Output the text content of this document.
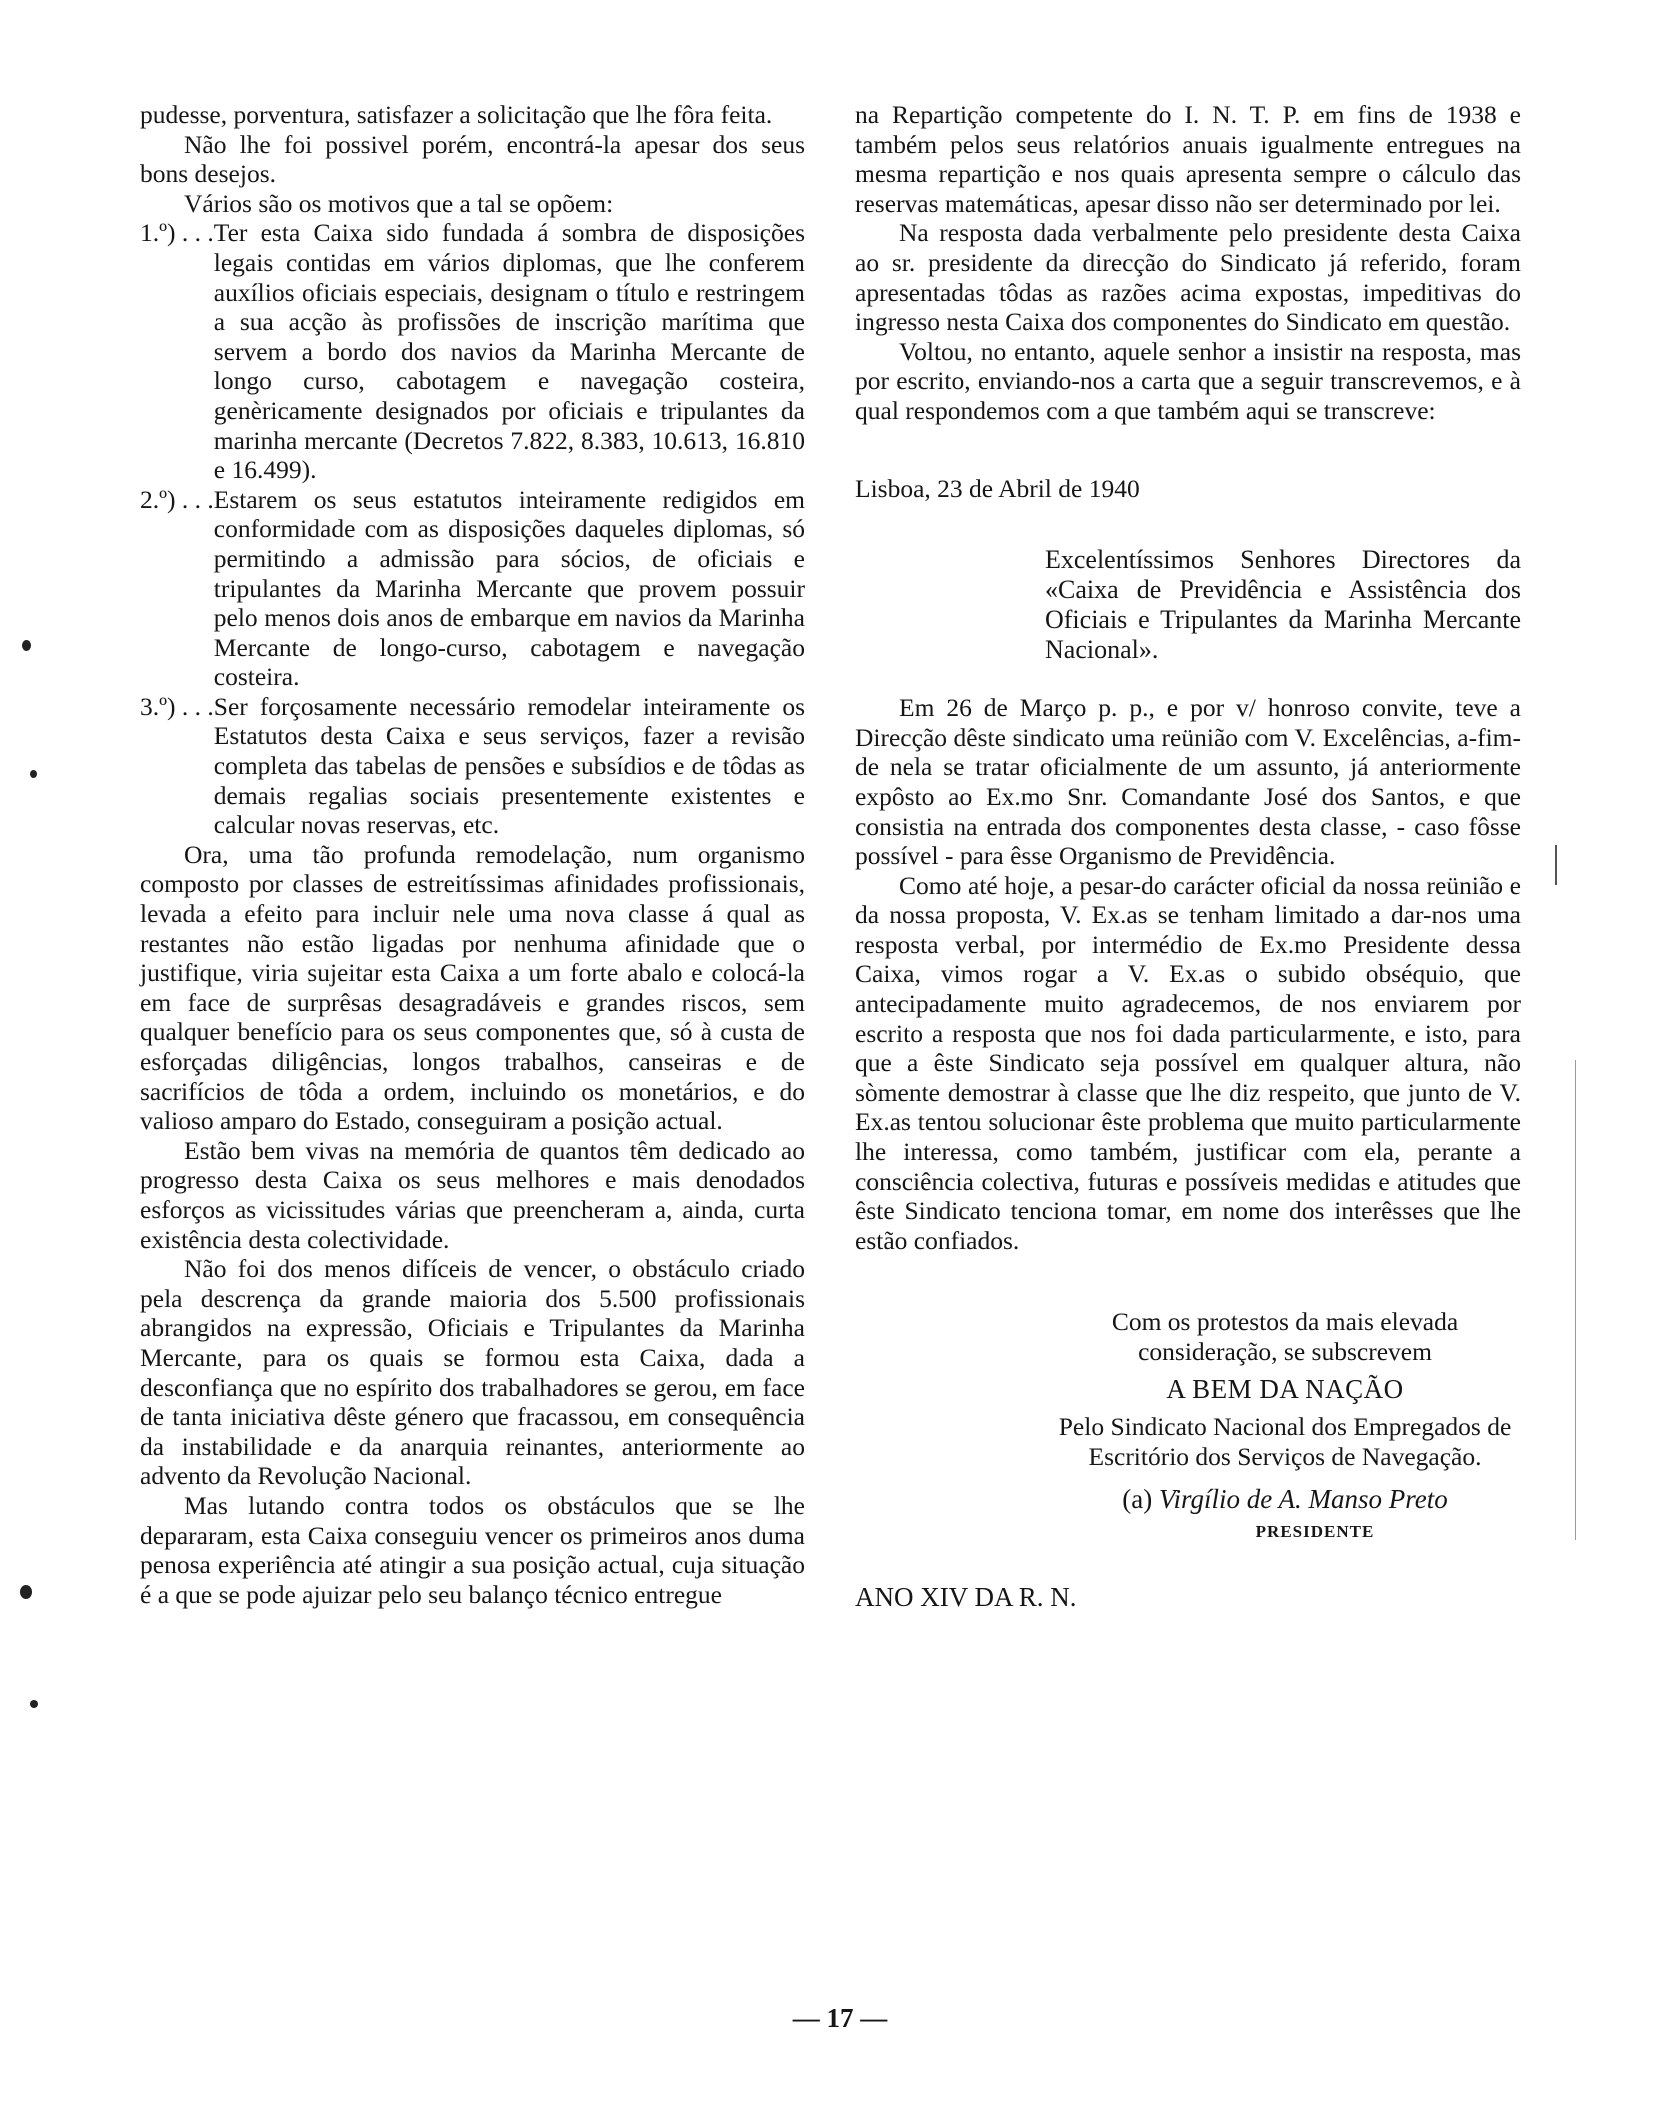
pudesse, porventura, satisfazer a solicitação que lhe fôra feita.

Não lhe foi possivel porém, encontrá-la apesar dos seus bons desejos.

Vários são os motivos que a tal se opõem:

1.º) . . . Ter esta Caixa sido fundada á sombra de disposições legais contidas em vários diplomas, que lhe conferem auxílios oficiais especiais, designam o título e restringem a sua acção às profissões de inscrição marítima que servem a bordo dos navios da Marinha Mercante de longo curso, cabotagem e navegação costeira, genèricamente designados por oficiais e tripulantes da marinha mercante (Decretos 7.822, 8.383, 10.613, 16.810 e 16.499).
2.º) . . . Estarem os seus estatutos inteiramente redigidos em conformidade com as disposições daqueles diplomas, só permitindo a admissão para sócios, de oficiais e tripulantes da Marinha Mercante que provem possuir pelo menos dois anos de embarque em navios da Marinha Mercante de longo-curso, cabotagem e navegação costeira.
3.º) . . . Ser forçosamente necessário remodelar inteiramente os Estatutos desta Caixa e seus serviços, fazer a revisão completa das tabelas de pensões e subsídios e de tôdas as demais regalias sociais presentemente existentes e calcular novas reservas, etc.

Ora, uma tão profunda remodelação, num organismo composto por classes de estreitíssimas afinidades profissionais, levada a efeito para incluir nele uma nova classe á qual as restantes não estão ligadas por nenhuma afinidade que o justifique, viria sujeitar esta Caixa a um forte abalo e colocá-la em face de surprêsas desagradáveis e grandes riscos, sem qualquer benefício para os seus componentes que, só à custa de esforçadas diligências, longos trabalhos, canseiras e de sacrifícios de tôda a ordem, incluindo os monetários, e do valioso amparo do Estado, conseguiram a posição actual.

Estão bem vivas na memória de quantos têm dedicado ao progresso desta Caixa os seus melhores e mais denodados esforços as vicissitudes várias que preencheram a, ainda, curta existência desta colectividade.

Não foi dos menos difíceis de vencer, o obstáculo criado pela descrença da grande maioria dos 5.500 profissionais abrangidos na expressão, Oficiais e Tripulantes da Marinha Mercante, para os quais se formou esta Caixa, dada a desconfiança que no espírito dos trabalhadores se gerou, em face de tanta iniciativa dêste género que fracassou, em consequência da instabilidade e da anarquia reinantes, anteriormente ao advento da Revolução Nacional.

Mas lutando contra todos os obstáculos que se lhe depararam, esta Caixa conseguiu vencer os primeiros anos duma penosa experiência até atingir a sua posição actual, cuja situação é a que se pode ajuizar pelo seu balanço técnico entregue

na Repartição competente do I. N. T. P. em fins de 1938 e também pelos seus relatórios anuais igualmente entregues na mesma repartição e nos quais apresenta sempre o cálculo das reservas matemáticas, apesar disso não ser determinado por lei.

Na resposta dada verbalmente pelo presidente desta Caixa ao sr. presidente da direcção do Sindicato já referido, foram apresentadas tôdas as razões acima expostas, impeditivas do ingresso nesta Caixa dos componentes do Sindicato em questão.

Voltou, no entanto, aquele senhor a insistir na resposta, mas por escrito, enviando-nos a carta que a seguir transcrevemos, e à qual respondemos com a que também aqui se transcreve:

Lisboa, 23 de Abril de 1940

Excelentíssimos Senhores Directores da «Caixa de Previdência e Assistência dos Oficiais e Tripulantes da Marinha Mercante Nacional».

Em 26 de Março p. p., e por v/ honroso convite, teve a Direcção dêste sindicato uma reünião com V. Excelências, a-fim-de nela se tratar oficialmente de um assunto, já anteriormente expôsto ao Ex.mo Snr. Comandante José dos Santos, e que consistia na entrada dos componentes desta classe, - caso fôsse possível - para êsse Organismo de Previdência.

Como até hoje, a pesar-do carácter oficial da nossa reünião e da nossa proposta, V. Ex.as se tenham limitado a dar-nos uma resposta verbal, por intermédio de Ex.mo Presidente dessa Caixa, vimos rogar a V. Ex.as o subido obséquio, que antecipadamente muito agradecemos, de nos enviarem por escrito a resposta que nos foi dada particularmente, e isto, para que a êste Sindicato seja possível em qualquer altura, não sòmente demostrar à classe que lhe diz respeito, que junto de V. Ex.as tentou solucionar êste problema que muito particularmente lhe interessa, como também, justificar com ela, perante a consciência colectiva, futuras e possíveis medidas e atitudes que êste Sindicato tenciona tomar, em nome dos interêsses que lhe estão confiados.

Com os protestos da mais elevada consideração, se subscrevem

A BEM DA NAÇÃO

Pelo Sindicato Nacional dos Empregados de Escritório dos Serviços de Navegação.

(a) Virgílio de A. Manso Preto

PRESIDENTE

ANO XIV DA R. N.

— 17 —
